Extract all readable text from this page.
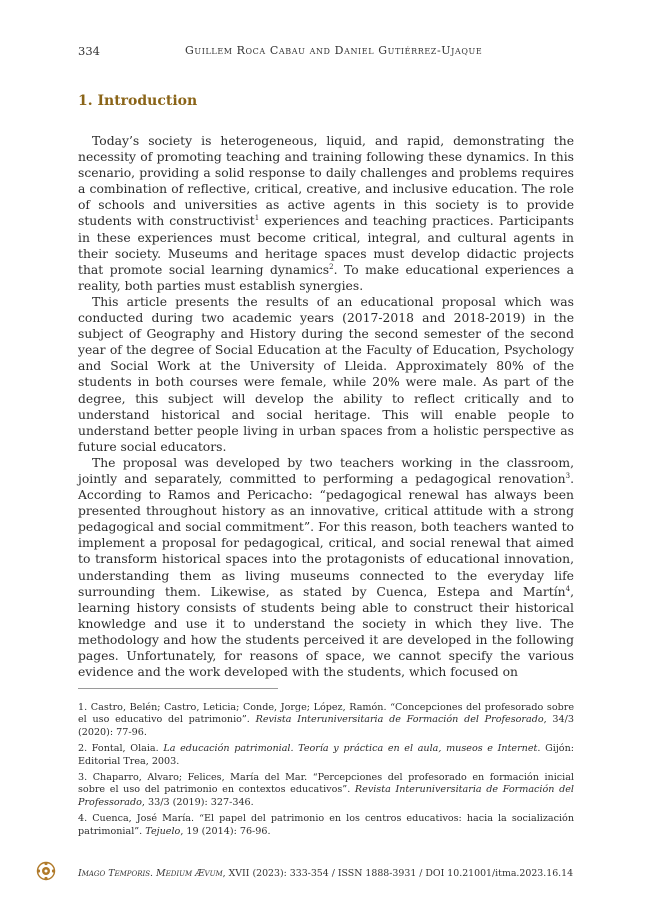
334	Guillem Roca Cabau and Daniel Gutiérrez-Ujaque
1. Introduction

Today’s society is heterogeneous, liquid, and rapid, demonstrating the necessity of promoting teaching and training following these dynamics. In this scenario, providing a solid response to daily challenges and problems requires a combination of reflective, critical, creative, and inclusive education. The role of schools and universities as active agents in this society is to provide students with constructivist$^1$ experiences and teaching practices. Participants in these experiences must become critical, integral, and cultural agents in their society. Museums and heritage spaces must develop didactic projects that promote social learning dynamics$^2$. To make educational experiences a reality, both parties must establish synergies.

This article presents the results of an educational proposal which was conducted during two academic years (2017-2018 and 2018-2019) in the subject of Geography and History during the second semester of the second year of the degree of Social Education at the Faculty of Education, Psychology and Social Work at the University of Lleida. Approximately 80% of the students in both courses were female, while 20% were male. As part of the degree, this subject will develop the ability to reflect critically and to understand historical and social heritage. This will enable people to understand better people living in urban spaces from a holistic perspective as future social educators.

The proposal was developed by two teachers working in the classroom, jointly and separately, committed to performing a pedagogical renovation$^3$. According to Ramos and Pericacho: “pedagogical renewal has always been presented throughout history as an innovative, critical attitude with a strong pedagogical and social commitment”. For this reason, both teachers wanted to implement a proposal for pedagogical, critical, and social renewal that aimed to transform historical spaces into the protagonists of educational innovation, understanding them as living museums connected to the everyday life surrounding them. Likewise, as stated by Cuenca, Estepa and Martín$^4$, learning history consists of students being able to construct their historical knowledge and use it to understand the society in which they live. The methodology and how the students perceived it are developed in the following pages. Unfortunately, for reasons of space, we cannot specify the various evidence and the work developed with the students, which focused on

1. Castro, Belén; Castro, Leticia; Conde, Jorge; López, Ramón. “Concepciones del profesorado sobre el uso educativo del patrimonio”. Revista Interuniversitaria de Formación del Profesorado, 34/3 (2020): 77-96.
2. Fontal, Olaia. La educación patrimonial. Teoría y práctica en el aula, museos e Internet. Gijón: Editorial Trea, 2003.
3. Chaparro, Alvaro; Felices, María del Mar. “Percepciones del profesorado en formación inicial sobre el uso del patrimonio en contextos educativos”. Revista Interuniversitaria de Formación del Professorado, 33/3 (2019): 327-346.
4. Cuenca, José María. “El papel del patrimonio en los centros educativos: hacia la socialización patrimonial”. Tejuelo, 19 (2014): 76-96.
Imago Temporis. Medium Ævum, XVII (2023): 333-354 / ISSN 1888-3931 / DOI 10.21001/itma.2023.16.14
